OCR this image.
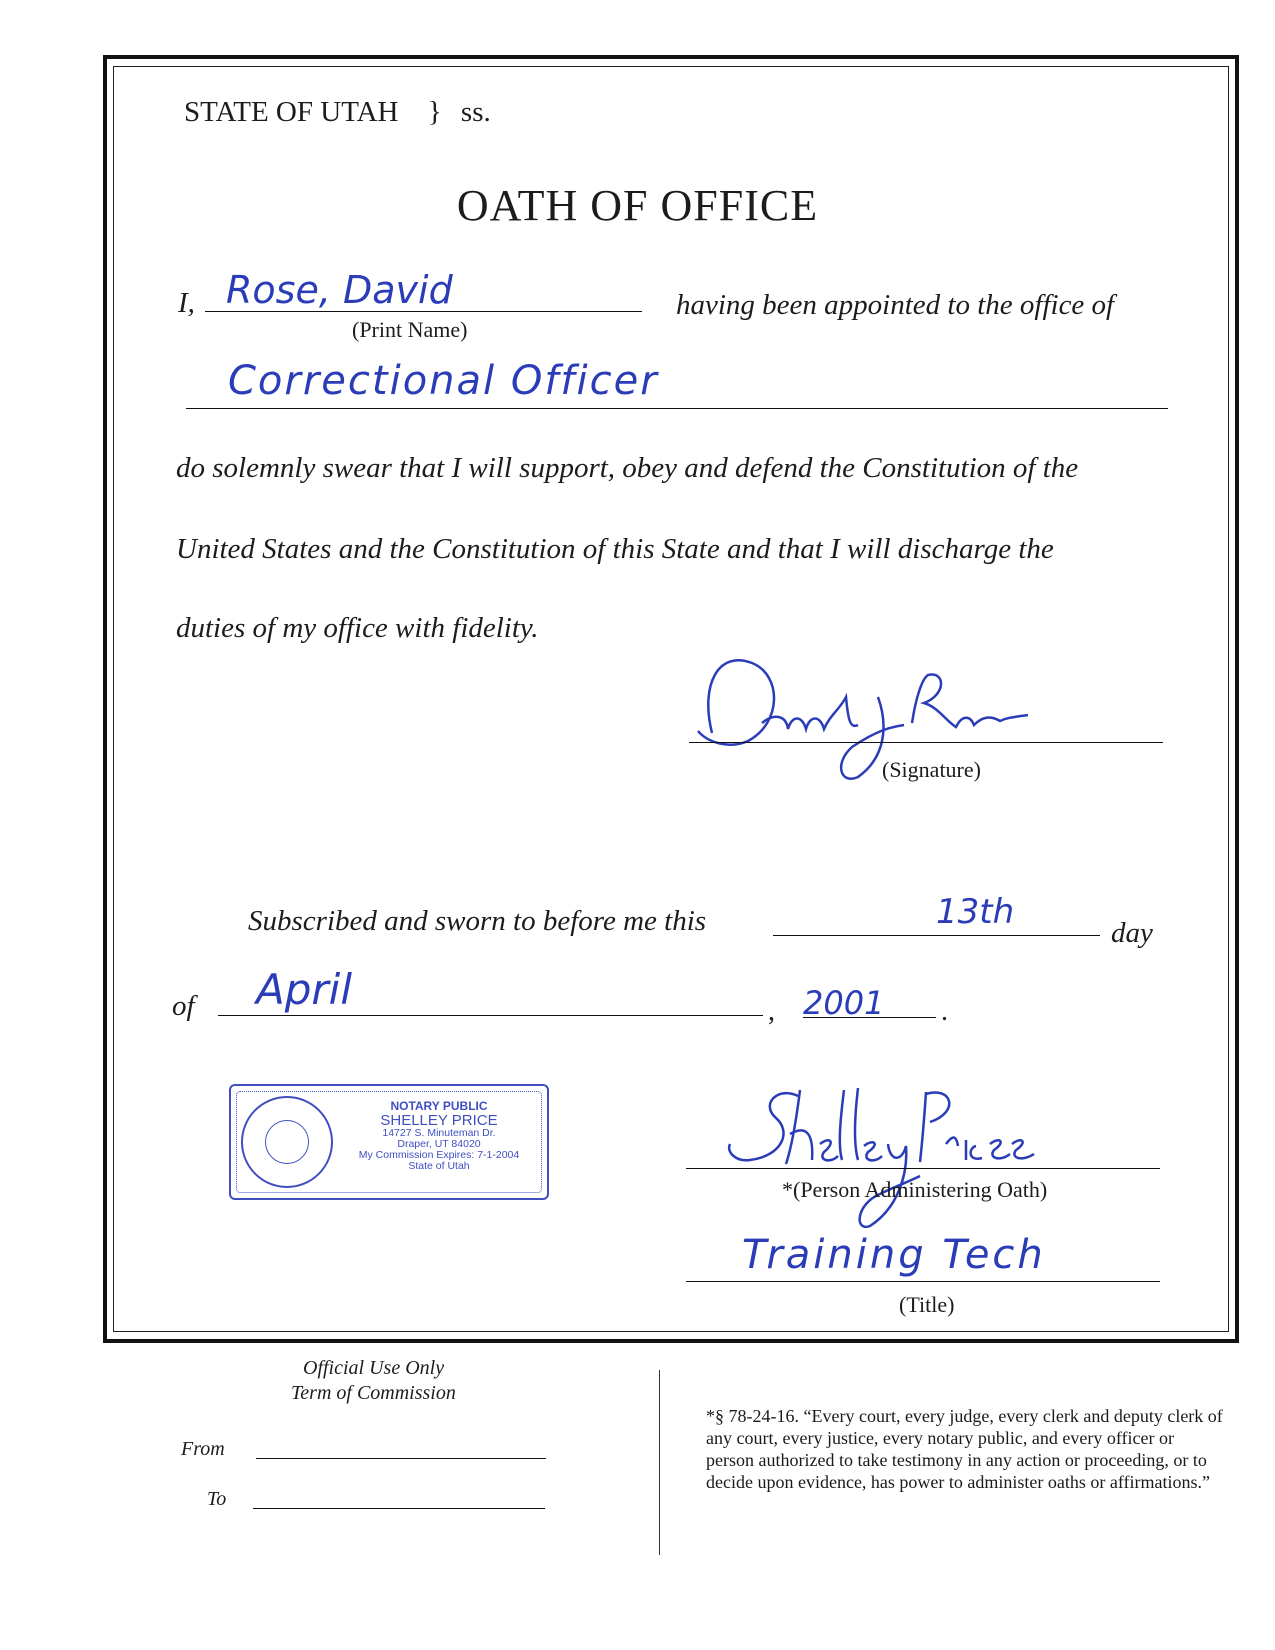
STATE OF UTAH } ss.
OATH OF OFFICE
I, Rose, David
(Print Name)
having been appointed to the office of
Correctional Officer
do solemnly swear that I will support, obey and defend the Constitution of the
United States and the Constitution of this State and that I will discharge the
duties of my office with fidelity.
(Signature)
Subscribed and sworn to before me this	13th
day
of April	, 2001 .
NOTARY PUBLIC
SHELLEY PRICE
14727 S. Minuteman Dr.
Draper, UT 84020
My Commission Expires: 7-1-2004
State of Utah
*(Person Administering Oath)
Training Tech
(Title)
Official Use Only
Term of Commission
From
To
*§ 78-24-16. “Every court, every judge, every clerk and deputy clerk of any court, every justice, every notary public, and every officer or person authorized to take testimony in any action or proceeding, or to decide upon evidence, has power to administer oaths or affirmations.”
